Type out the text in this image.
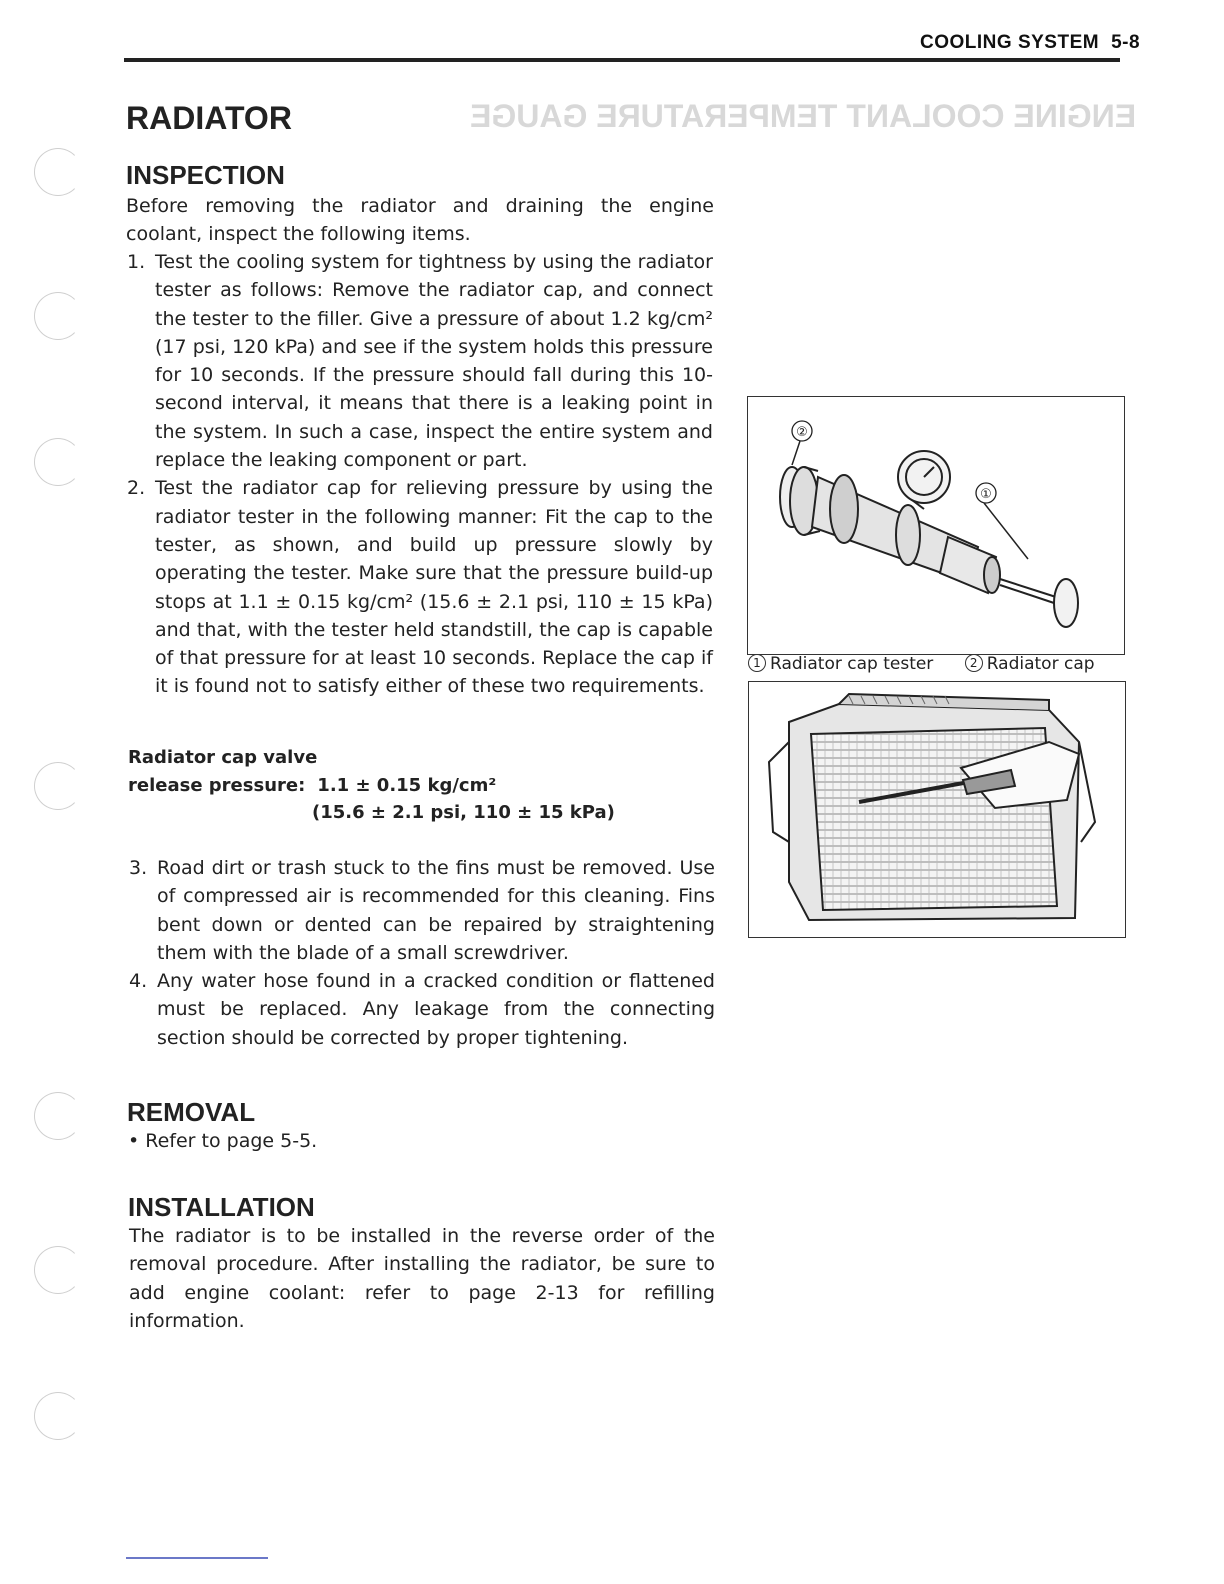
ENGINE COOLANT TEMPERATURE GAUGE
COOLING SYSTEM 5-8
RADIATOR
INSPECTION
Before removing the radiator and draining the engine coolant, inspect the following items.
1. Test the cooling system for tightness by using the radiator tester as follows: Remove the radiator cap, and connect the tester to the filler. Give a pressure of about 1.2 kg/cm² (17 psi, 120 kPa) and see if the system holds this pressure for 10 seconds. If the pressure should fall during this 10-second interval, it means that there is a leaking point in the system. In such a case, inspect the entire system and replace the leaking component or part.
2. Test the radiator cap for relieving pressure by using the radiator tester in the following manner: Fit the cap to the tester, as shown, and build up pressure slowly by operating the tester. Make sure that the pressure build-up stops at 1.1 ± 0.15 kg/cm² (15.6 ± 2.1 psi, 110 ± 15 kPa) and that, with the tester held standstill, the cap is capable of that pressure for at least 10 seconds. Replace the cap if it is found not to satisfy either of these two requirements.
Radiator cap valve
release pressure: 1.1 ± 0.15 kg/cm²
(15.6 ± 2.1 psi, 110 ± 15 kPa)
3. Road dirt or trash stuck to the fins must be removed. Use of compressed air is recommended for this cleaning. Fins bent down or dented can be repaired by straightening them with the blade of a small screwdriver.
4. Any water hose found in a cracked condition or flattened must be replaced. Any leakage from the connecting section should be corrected by proper tightening.
②
①
1 Radiator cap tester	2 Radiator cap
REMOVAL
• Refer to page 5-5.
INSTALLATION
The radiator is to be installed in the reverse order of the removal procedure. After installing the radiator, be sure to add engine coolant: refer to page 2-13 for refilling information.
